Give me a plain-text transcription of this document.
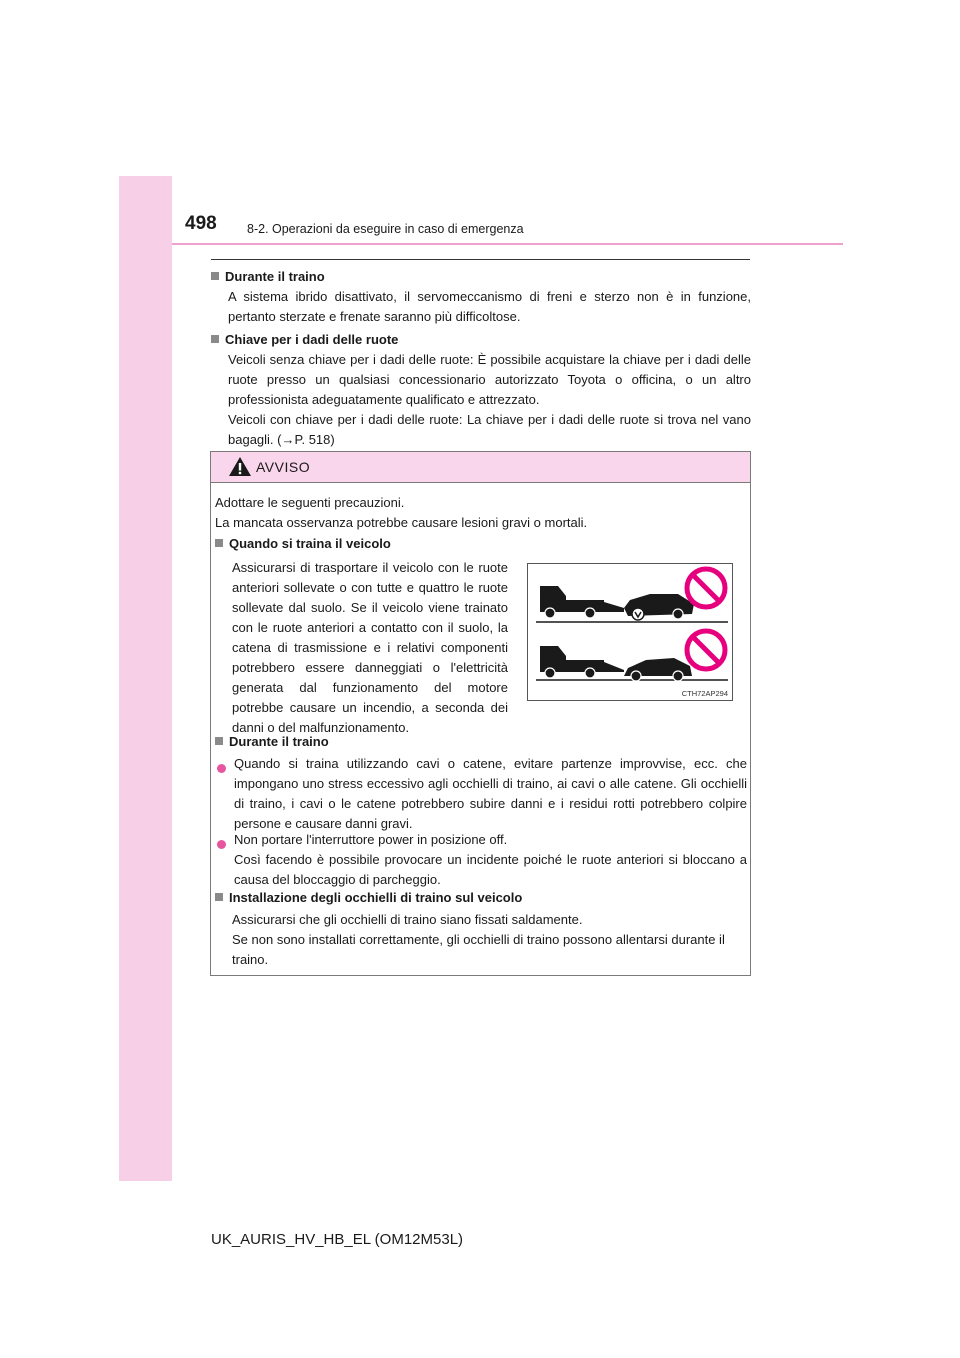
498 8-2. Operazioni da eseguire in caso di emergenza
Durante il traino
A sistema ibrido disattivato, il servomeccanismo di freni e sterzo non è in funzione, pertanto sterzate e frenate saranno più difficoltose.
Chiave per i dadi delle ruote
Veicoli senza chiave per i dadi delle ruote: È possibile acquistare la chiave per i dadi delle ruote presso un qualsiasi concessionario autorizzato Toyota o officina, o un altro professionista adeguatamente qualificato e attrezzato.
Veicoli con chiave per i dadi delle ruote: La chiave per i dadi delle ruote si trova nel vano bagagli. (→P. 518)
AVVISO
Adottare le seguenti precauzioni.
La mancata osservanza potrebbe causare lesioni gravi o mortali.
Quando si traina il veicolo
Assicurarsi di trasportare il veicolo con le ruote anteriori sollevate o con tutte e quattro le ruote sollevate dal suolo. Se il veicolo viene trainato con le ruote anteriori a contatto con il suolo, la catena di trasmissione e i relativi componenti potrebbero essere danneggiati o l'elettricità generata dal funzionamento del motore potrebbe causare un incendio, a seconda dei danni o del malfunzionamento.
CTH72AP294
Durante il traino
Quando si traina utilizzando cavi o catene, evitare partenze improvvise, ecc. che impongano uno stress eccessivo agli occhielli di traino, ai cavi o alle catene. Gli occhielli di traino, i cavi o le catene potrebbero subire danni e i residui rotti potrebbero colpire persone e causare danni gravi.
Non portare l'interruttore power in posizione off.
Così facendo è possibile provocare un incidente poiché le ruote anteriori si bloccano a causa del bloccaggio di parcheggio.
Installazione degli occhielli di traino sul veicolo
Assicurarsi che gli occhielli di traino siano fissati saldamente.
Se non sono installati correttamente, gli occhielli di traino possono allentarsi durante il traino.
UK_AURIS_HV_HB_EL (OM12M53L)
